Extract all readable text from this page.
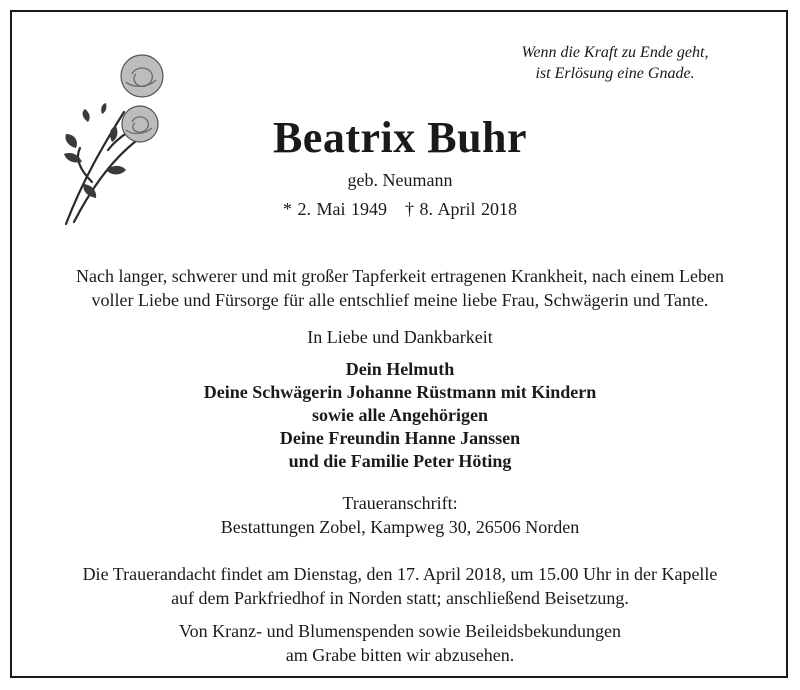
Wenn die Kraft zu Ende geht,
ist Erlösung eine Gnade.
Beatrix Buhr
geb. Neumann
* 2. Mai 1949 † 8. April 2018
Nach langer, schwerer und mit großer Tapferkeit ertragenen Krankheit, nach einem Leben
voller Liebe und Fürsorge für alle entschlief meine liebe Frau, Schwägerin und Tante.
In Liebe und Dankbarkeit
Dein Helmuth
Deine Schwägerin Johanne Rüstmann mit Kindern
sowie alle Angehörigen
Deine Freundin Hanne Janssen
und die Familie Peter Höting
Traueranschrift:
Bestattungen Zobel, Kampweg 30, 26506 Norden
Die Trauerandacht findet am Dienstag, den 17. April 2018, um 15.00 Uhr in der Kapelle
auf dem Parkfriedhof in Norden statt; anschließend Beisetzung.
Von Kranz- und Blumenspenden sowie Beileidsbekundungen
am Grabe bitten wir abzusehen.
